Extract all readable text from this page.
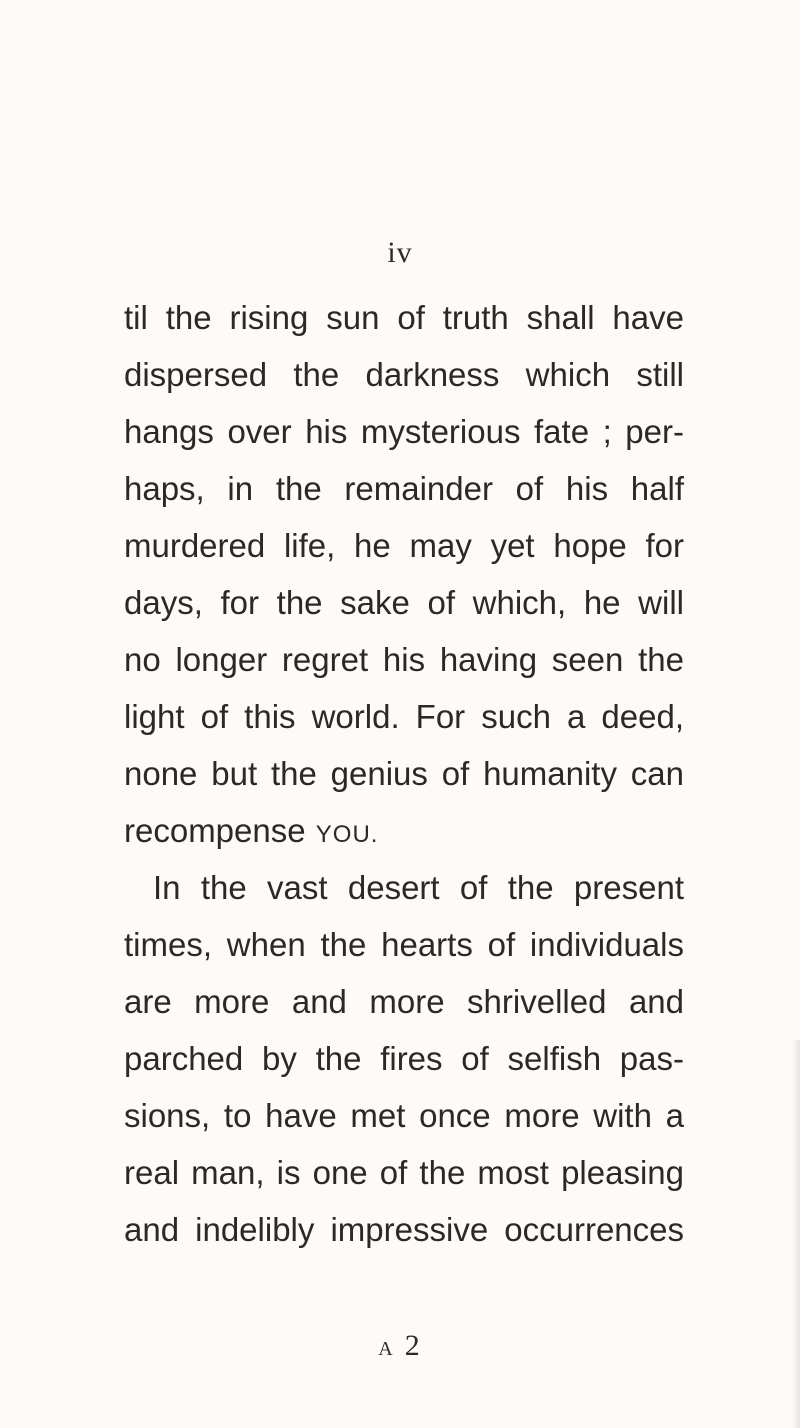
iv
til the rising sun of truth shall have
dispersed the darkness which still
hangs over his mysterious fate ; per-
haps, in the remainder of his half
murdered life, he may yet hope for
days, for the sake of which, he will
no longer regret his having seen the
light of this world. For such a deed,
none but the genius of humanity can
recompense YOU.
In the vast desert of the present
times, when the hearts of individuals
are more and more shrivelled and
parched by the fires of selfish pas-
sions, to have met once more with a
real man, is one of the most pleasing
and indelibly impressive occurrences
A 2
